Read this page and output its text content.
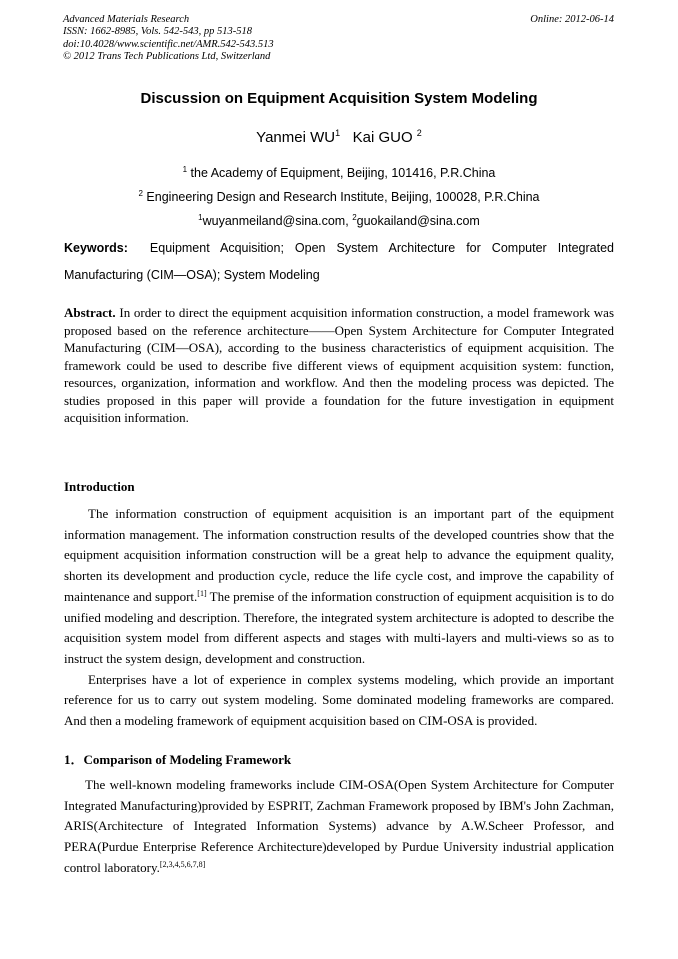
Advanced Materials Research
ISSN: 1662-8985, Vols. 542-543, pp 513-518
doi:10.4028/www.scientific.net/AMR.542-543.513
© 2012 Trans Tech Publications Ltd, Switzerland
Online: 2012-06-14
Discussion on Equipment Acquisition System Modeling
Yanmei $WU^1$ Kai GUO $^2$
$^1$ the Academy of Equipment, Beijing, 101416, P.R.China
$^2$ Engineering Design and Research Institute, Beijing, 100028, P.R.China
$^1$wuyanmeiland@sina.com, $^2$guokailand@sina.com
Keywords: Equipment Acquisition; Open System Architecture for Computer Integrated Manufacturing (CIM—OSA); System Modeling
Abstract. In order to direct the equipment acquisition information construction, a model framework was proposed based on the reference architecture——Open System Architecture for Computer Integrated Manufacturing (CIM—OSA), according to the business characteristics of equipment acquisition. The framework could be used to describe five different views of equipment acquisition system: function, resources, organization, information and workflow. And then the modeling process was depicted. The studies proposed in this paper will provide a foundation for the future investigation in equipment acquisition information.
Introduction

The information construction of equipment acquisition is an important part of the equipment information management. The information construction results of the developed countries show that the equipment acquisition information construction will be a great help to advance the equipment quality, shorten its development and production cycle, reduce the life cycle cost, and improve the capability of maintenance and support.[1] The premise of the information construction of equipment acquisition is to do unified modeling and description. Therefore, the integrated system architecture is adopted to describe the acquisition system model from different aspects and stages with multi-layers and multi-views so as to instruct the system design, development and construction.

Enterprises have a lot of experience in complex systems modeling, which provide an important reference for us to carry out system modeling. Some dominated modeling frameworks are compared. And then a modeling framework of equipment acquisition based on CIM-OSA is provided.

1．Comparison of Modeling Framework

The well-known modeling frameworks include CIM-OSA(Open System Architecture for Computer Integrated Manufacturing)provided by ESPRIT, Zachman Framework proposed by IBM's John Zachman, ARIS(Architecture of Integrated Information Systems) advance by A.W.Scheer Professor, and PERA(Purdue Enterprise Reference Architecture)developed by Purdue University industrial application control laboratory.[2,3,4,5,6,7,8]
